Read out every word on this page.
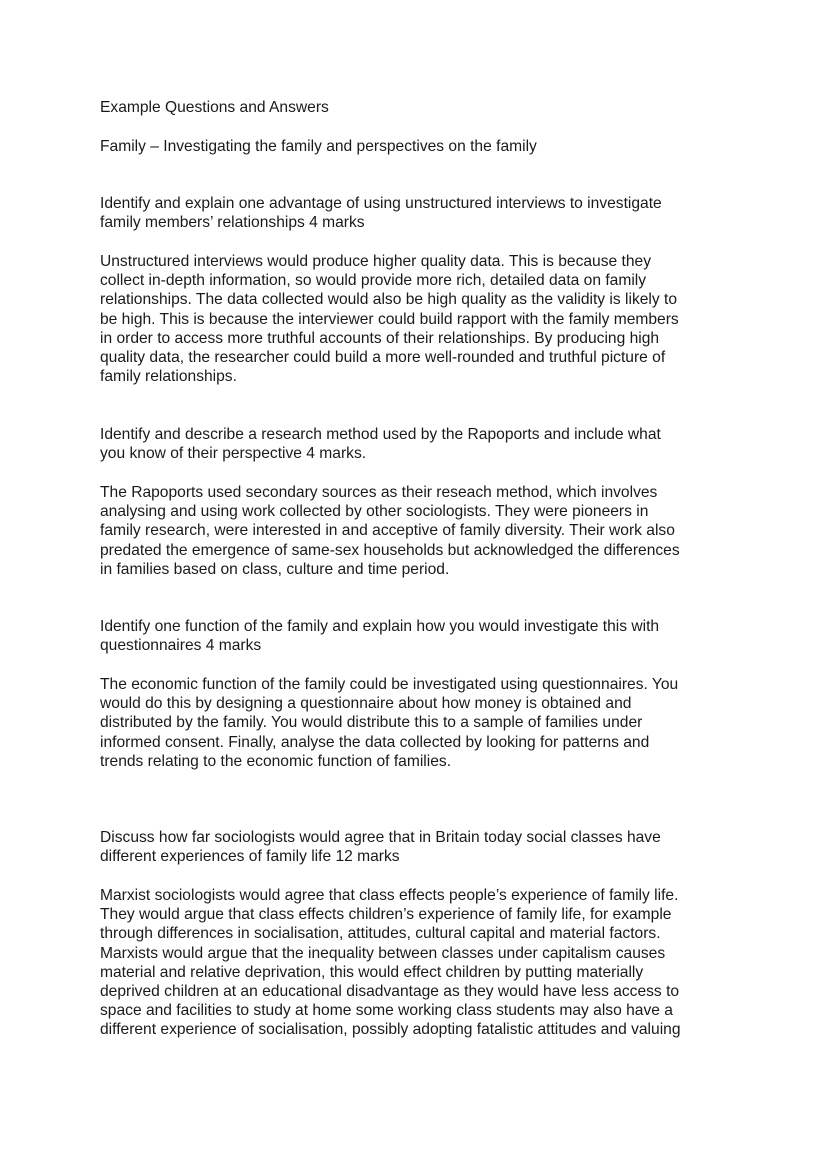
Example Questions and Answers

Family – Investigating the family and perspectives on the family

Identify and explain one advantage of using unstructured interviews to investigate
family members’ relationships 4 marks

Unstructured interviews would produce higher quality data. This is because they
collect in-depth information, so would provide more rich, detailed data on family
relationships. The data collected would also be high quality as the validity is likely to
be high. This is because the interviewer could build rapport with the family members
in order to access more truthful accounts of their relationships. By producing high
quality data, the researcher could build a more well-rounded and truthful picture of
family relationships.

Identify and describe a research method used by the Rapoports and include what
you know of their perspective 4 marks.

The Rapoports used secondary sources as their reseach method, which involves
analysing and using work collected by other sociologists. They were pioneers in
family research, were interested in and acceptive of family diversity. Their work also
predated the emergence of same-sex households but acknowledged the differences
in families based on class, culture and time period.

Identify one function of the family and explain how you would investigate this with
questionnaires 4 marks

The economic function of the family could be investigated using questionnaires. You
would do this by designing a questionnaire about how money is obtained and
distributed by the family. You would distribute this to a sample of families under
informed consent. Finally, analyse the data collected by looking for patterns and
trends relating to the economic function of families.

Discuss how far sociologists would agree that in Britain today social classes have
different experiences of family life 12 marks

Marxist sociologists would agree that class effects people’s experience of family life.
They would argue that class effects children’s experience of family life, for example
through differences in socialisation, attitudes, cultural capital and material factors.
Marxists would argue that the inequality between classes under capitalism causes
material and relative deprivation, this would effect children by putting materially
deprived children at an educational disadvantage as they would have less access to
space and facilities to study at home some working class students may also have a
different experience of socialisation, possibly adopting fatalistic attitudes and valuing
